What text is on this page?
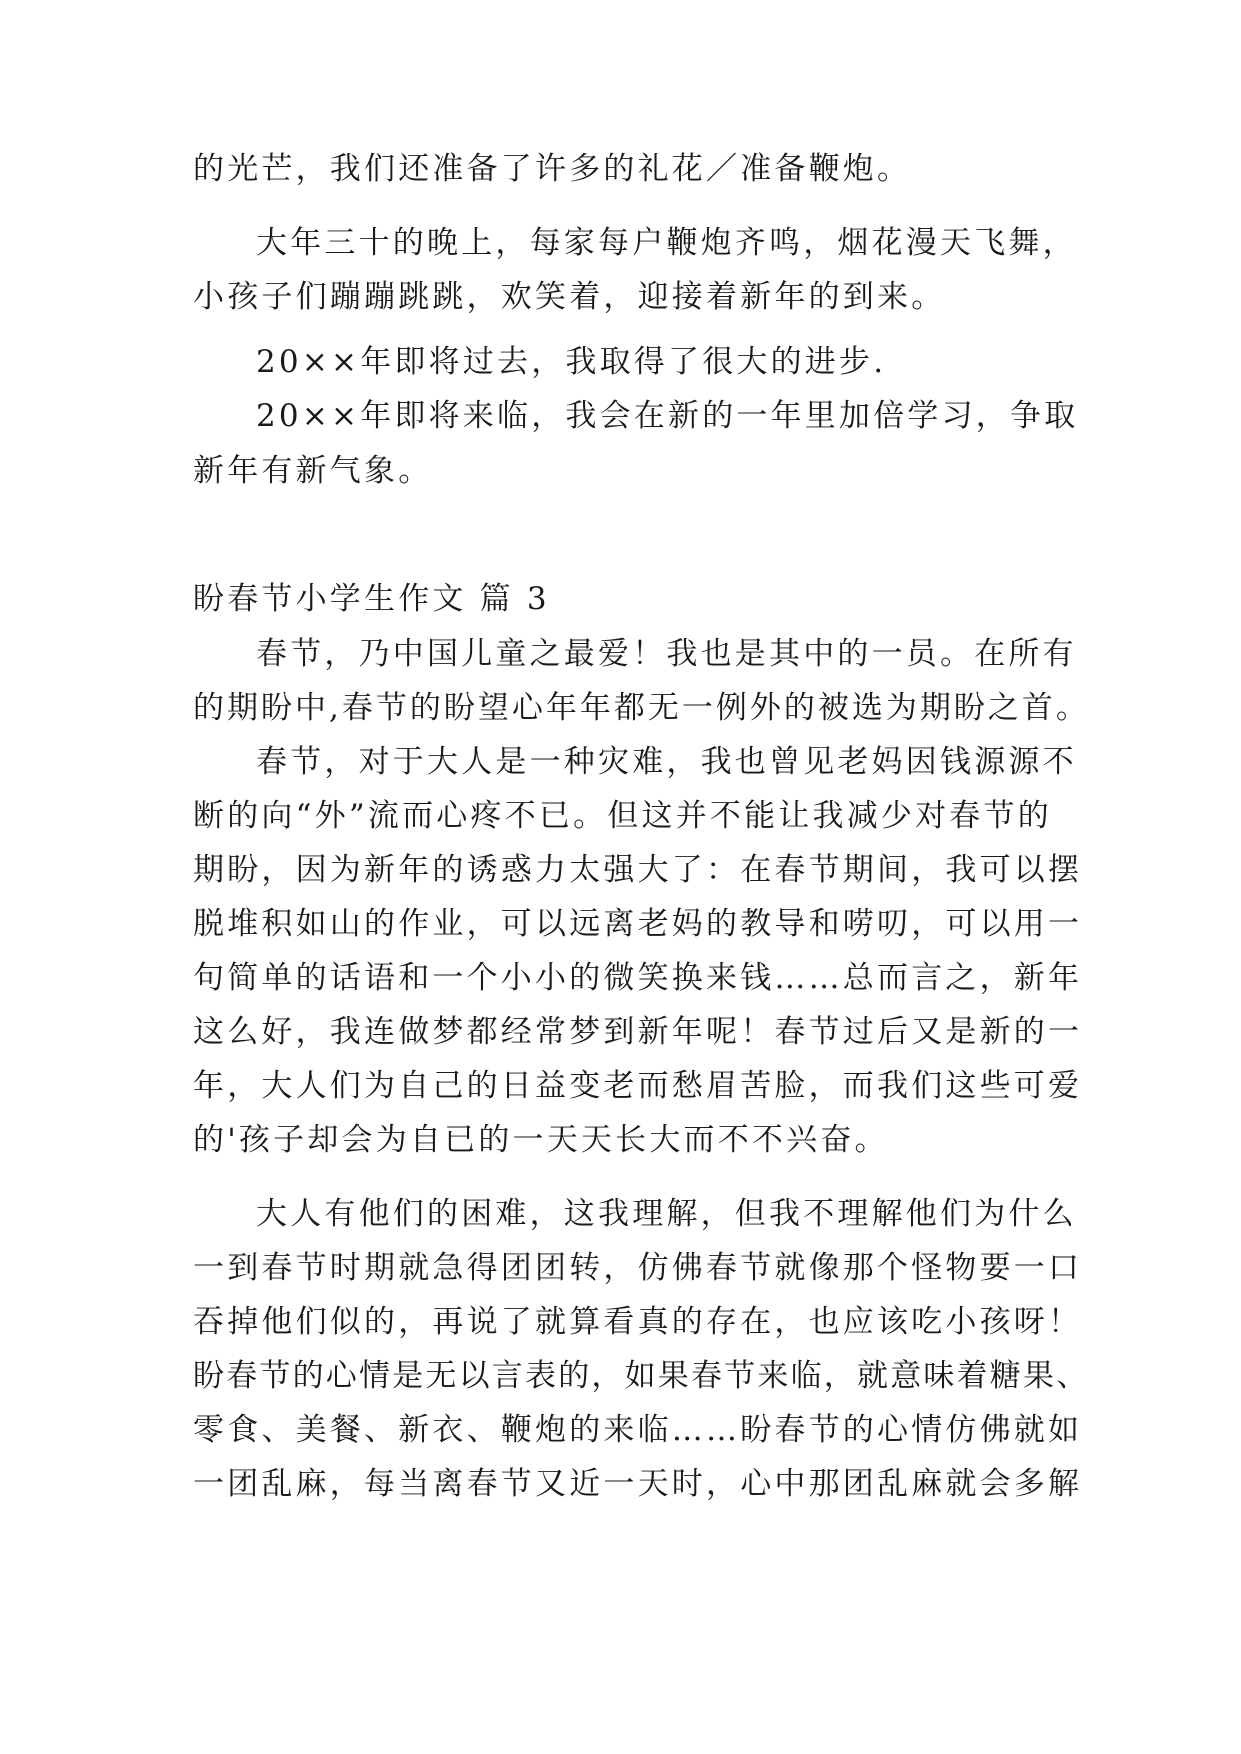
的光芒，我们还准备了许多的礼花／准备鞭炮。
大年三十的晚上，每家每户鞭炮齐鸣，烟花漫天飞舞，
小孩子们蹦蹦跳跳，欢笑着，迎接着新年的到来。
20××年即将过去，我取得了很大的进步.
20××年即将来临，我会在新的一年里加倍学习，争取
新年有新气象。
盼春节小学生作文 篇 3
春节，乃中国儿童之最爱！我也是其中的一员。在所有
的期盼中,春节的盼望心年年都无一例外的被选为期盼之首。
春节，对于大人是一种灾难，我也曾见老妈因钱源源不
断的向“外”流而心疼不已。但这并不能让我减少对春节的
期盼，因为新年的诱惑力太强大了：在春节期间，我可以摆
脱堆积如山的作业，可以远离老妈的教导和唠叨，可以用一
句简单的话语和一个小小的微笑换来钱……总而言之，新年
这么好，我连做梦都经常梦到新年呢！春节过后又是新的一
年，大人们为自己的日益变老而愁眉苦脸，而我们这些可爱
的'孩子却会为自已的一天天长大而不不兴奋。
大人有他们的困难，这我理解，但我不理解他们为什么
一到春节时期就急得团团转，仿佛春节就像那个怪物要一口
吞掉他们似的，再说了就算看真的存在，也应该吃小孩呀！
盼春节的心情是无以言表的，如果春节来临，就意味着糖果、
零食、美餐、新衣、鞭炮的来临……盼春节的心情仿佛就如
一团乱麻，每当离春节又近一天时，心中那团乱麻就会多解
